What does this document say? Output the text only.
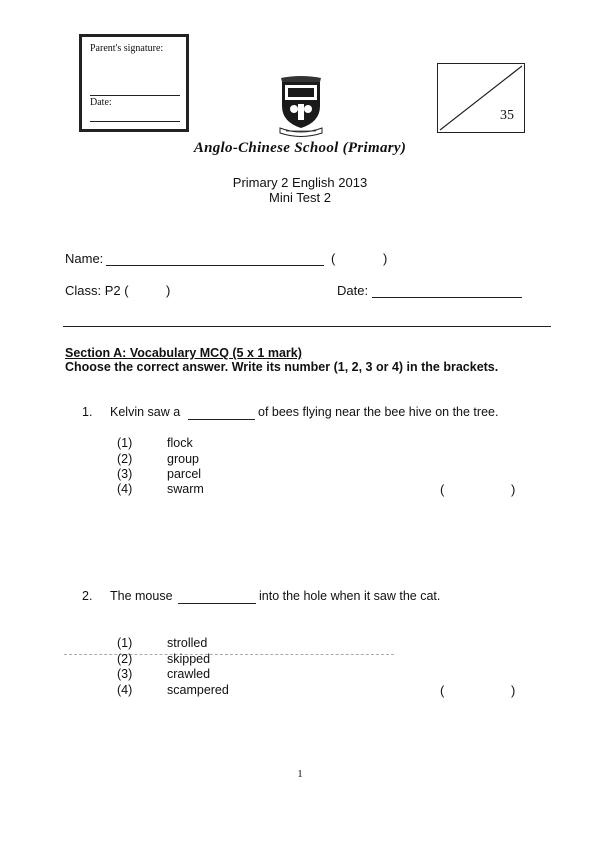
Parent's signature:
Date:
35
Anglo-Chinese School (Primary)
Primary 2 English 2013
Mini Test 2
Name:	(	)
Class: P2 (	)	Date:
Section A: Vocabulary MCQ (5 x 1 mark)
Choose the correct answer. Write its number (1, 2, 3 or 4) in the brackets.
1. Kelvin saw a	of bees flying near the bee hive on the tree.
(1)	flock
(2)	group
(3)	parcel
(4)	swarm	(	)
2. The mouse	into the hole when it saw the cat.
(1)	strolled
(2)	skipped
(3)	crawled
(4)	scampered	(	)
1
